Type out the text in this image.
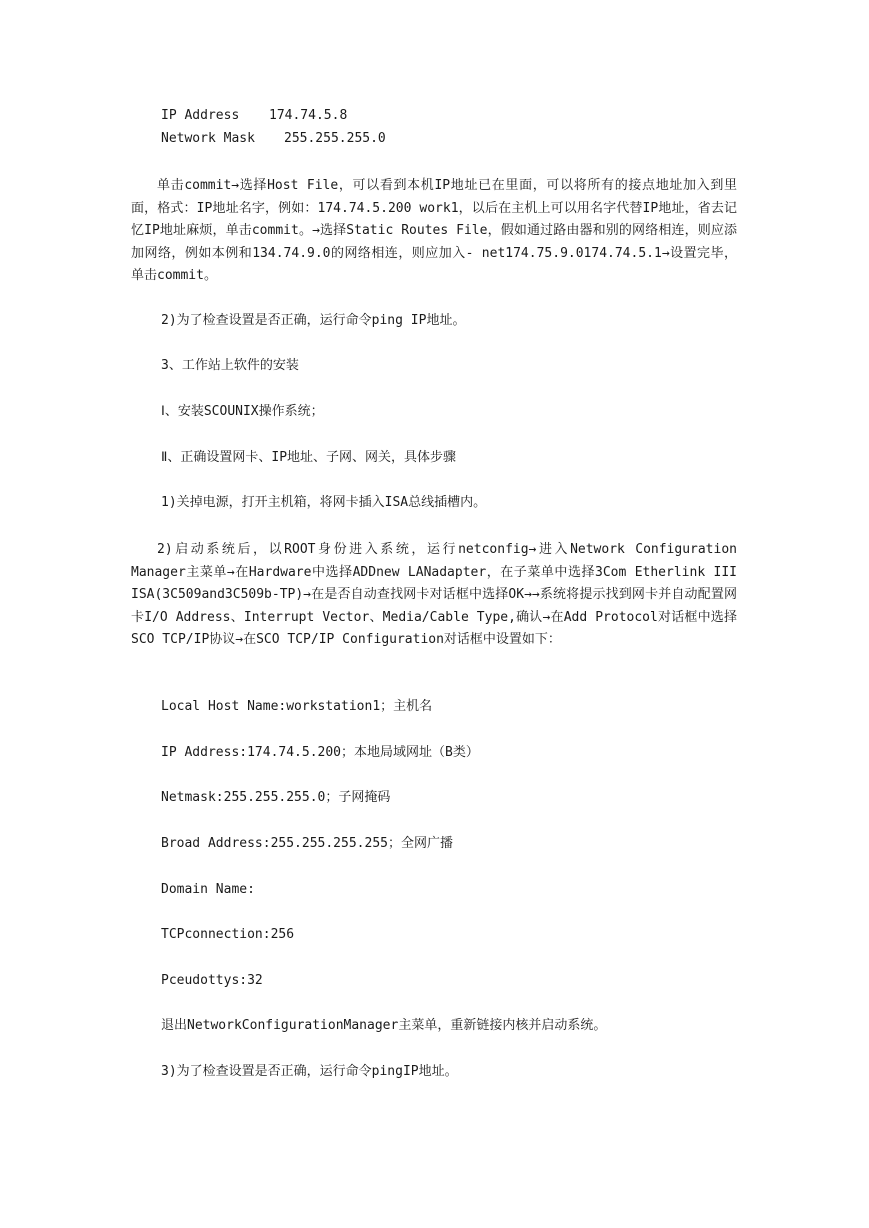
IP Address 174.74.5.8
Network Mask 255.255.255.0

单击commit→选择Host File，可以看到本机IP地址已在里面，可以将所有的接点地址加入到里面，格式：IP地址名字，例如：174.74.5.200 work1，以后在主机上可以用名字代替IP地址，省去记忆IP地址麻烦，单击commit。→选择Static Routes File，假如通过路由器和别的网络相连，则应添加网络，例如本例和134.74.9.0的网络相连，则应加入- net174.75.9.0174.74.5.1→设置完毕，单击commit。

2)为了检查设置是否正确，运行命令ping IP地址。
3、工作站上软件的安装
Ⅰ、安装SCOUNIX操作系统；
Ⅱ、正确设置网卡、IP地址、子网、网关，具体步骤
1)关掉电源，打开主机箱，将网卡插入ISA总线插槽内。

2)启动系统后，以ROOT身份进入系统，运行netconfig→进入Network Configuration Manager主菜单→在Hardware中选择ADDnew LANadapter，在子菜单中选择3Com Etherlink III ISA(3C509and3C509b-TP)→在是否自动查找网卡对话框中选择OK→→系统将提示找到网卡并自动配置网卡I/O Address、Interrupt Vector、Media/Cable Type,确认→在Add Protocol对话框中选择SCO TCP/IP协议→在SCO TCP/IP Configuration对话框中设置如下：

Local Host Name:workstation1；主机名
IP Address:174.74.5.200；本地局域网址（B类）
Netmask:255.255.255.0；子网掩码
Broad Address:255.255.255.255；全网广播
Domain Name:
TCPconnection:256
Pceudottys:32
退出NetworkConfigurationManager主菜单，重新链接内核并启动系统。
3)为了检查设置是否正确，运行命令pingIP地址。
